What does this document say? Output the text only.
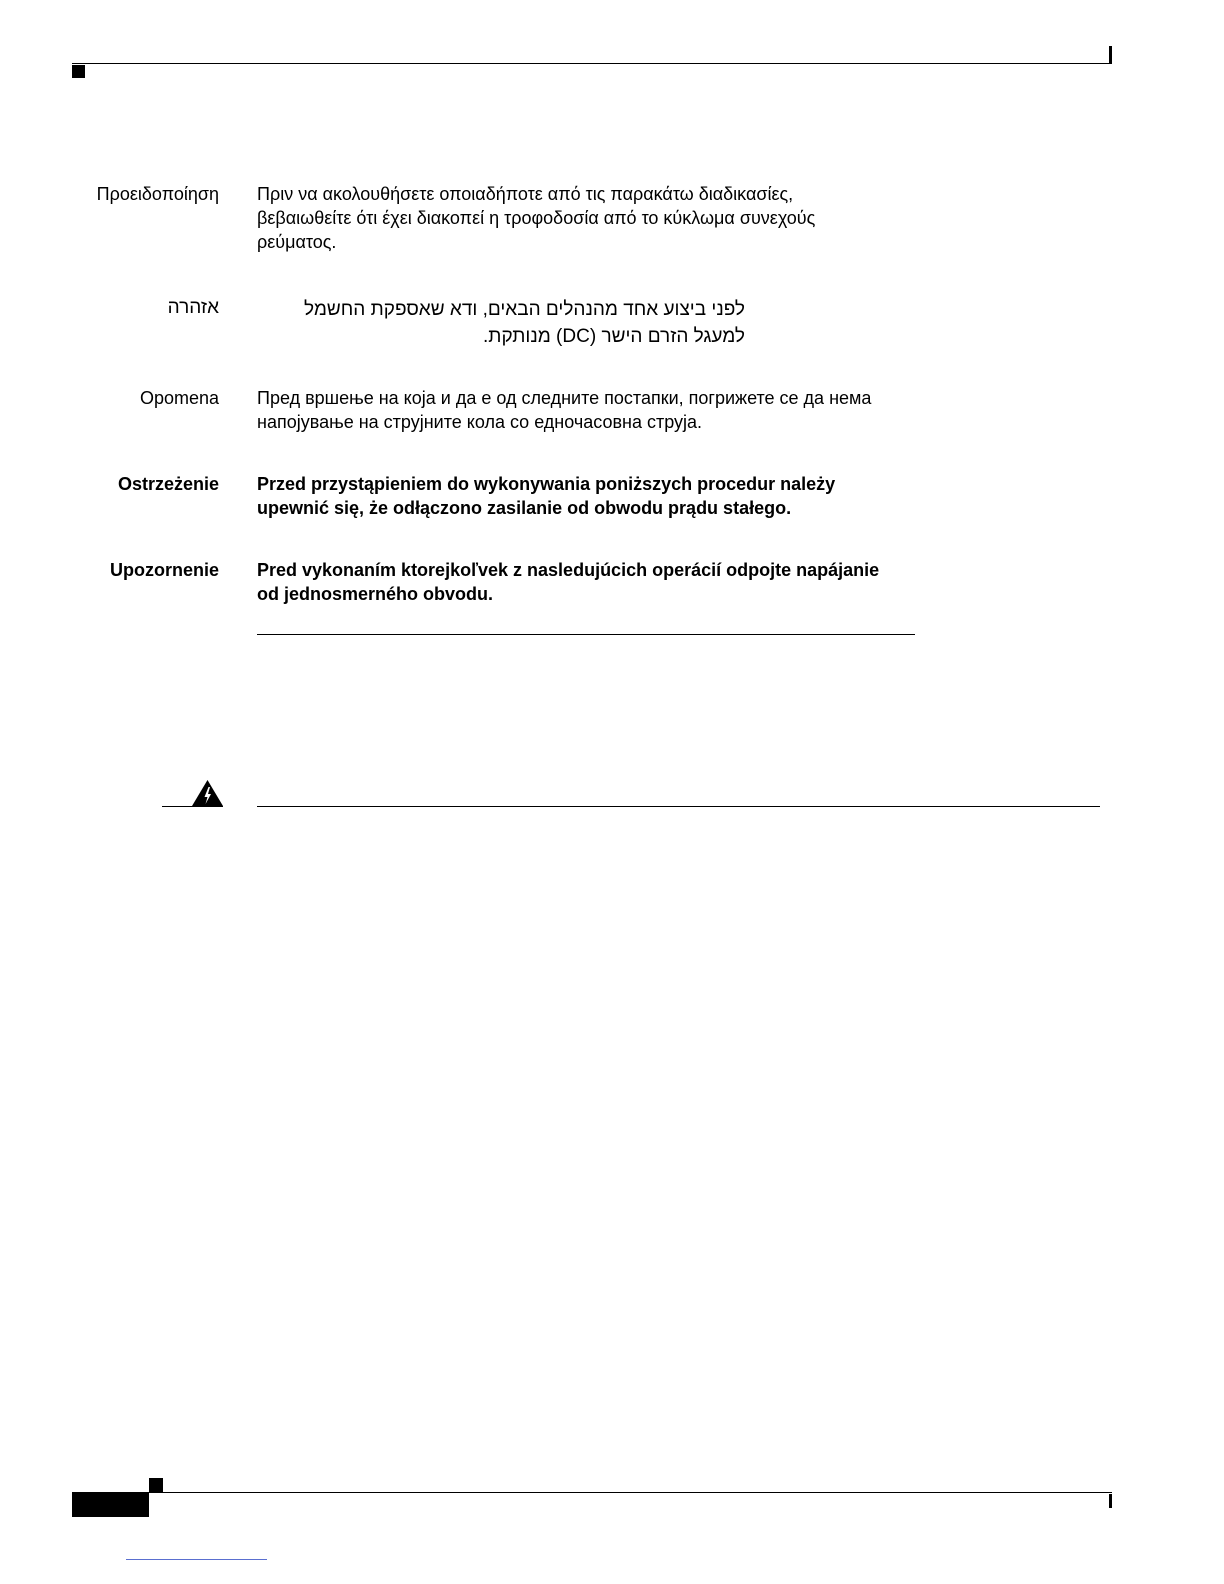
Προειδοποίηση Πριν να ακολουθήσετε οποιαδήποτε από τις παρακάτω διαδικασίες,
βεβαιωθείτε ότι έχει διακοπεί η τροφοδοσία από το κύκλωμα συνεχούς
ρεύματος.
אזהרה	לפני ביצוע אחד מהנהלים הבאים, ודא שאספקת החשמל
למעגל הזרם הישר (DC) מנותקת.
Opomena Пред вршење на која и да е од следните постапки, погрижете се да нема
напојување на струјните кола со едночасовна струја.
Ostrzeżenie Przed przystąpieniem do wykonywania poniższych procedur należy
upewnić się, że odłączono zasilanie od obwodu prądu stałego.
Upozornenie Pred vykonaním ktorejkoľvek z nasledujúcich operácií odpojte napájanie
od jednosmerného obvodu.
